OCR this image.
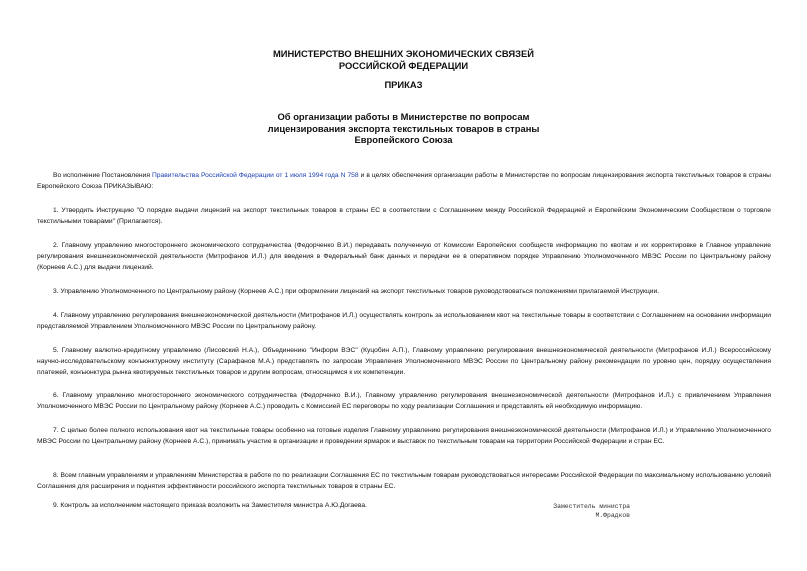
МИНИСТЕРСТВО ВНЕШНИХ ЭКОНОМИЧЕСКИХ СВЯЗЕЙ
РОССИЙСКОЙ ФЕДЕРАЦИИ
ПРИКАЗ
Об организации работы в Министерстве по вопросам
лицензирования экспорта текстильных товаров в страны
Европейского Союза

Во исполнение Постановления Правительства Российской Федерации от 1 июля 1994 года N 758 и в целях обеспечения организации работы в Министерстве по вопросам лицензирования экспорта текстильных товаров в страны Европейского Союза ПРИКАЗЫВАЮ:

1. Утвердить Инструкцию "О порядке выдачи лицензий на экспорт текстильных товаров в страны ЕС в соответствии с Соглашением между Российской Федерацией и Европейским Экономическим Сообществом о торговле текстильными товарами" (Прилагается).

2. Главному управлению многостороннего экономического сотрудничества (Федорченко В.И.) передавать полученную от Комиссии Европейских сообществ информацию по квотам и их корректировке в Главное управление регулирования внешнеэкономической деятельности (Митрофанов И.Л.) для введения в Федеральный банк данных и передачи ее в оперативном порядке Управлению Уполномоченного МВЭС России по Центральному району (Корнеев А.С.) для выдачи лицензий.

3. Управлению Уполномоченного по Центральному району (Корнеев А.С.) при оформлении лицензий на экспорт текстильных товаров руководствоваться положениями прилагаемой Инструкции.

4. Главному управлению регулирования внешнеэкономической деятельности (Митрофанов И.Л.) осуществлять контроль за использованием квот на текстильные товары в соответствии с Соглашением на основании информации представляемой Управлением Уполномоченного МВЭС России по Центральному району.

5. Главному валютно-кредитному управлению (Лисовский Н.А.), Объединению "Информ ВЭС" (Куцобин А.П.), Главному управлению регулирования внешнеэкономической деятельности (Митрофанов И.Л.) Всероссийскому научно-исследовательскому конъюнктурному институту (Сарафанов М.А.) представлять по запросам Управления Уполномоченного МВЭС России по Центральному району рекомендации по уровню цен, порядку осуществления платежей, конъюнктура рынка квотируемых текстильных товаров и другим вопросам, относящимся к их компетенции.

6. Главному управлению многостороннего экономического сотрудничества (Федорченко В.И.), Главному управлению регулирования внешнеэкономической деятельности (Митрофанов И.Л.) с привлечением Управления Уполномоченного МВЭС России по Центральному району (Корнеев А.С.) проводить с Комиссией ЕС переговоры по ходу реализации Соглашения и представлять ей необходимую информацию.

7. С целью более полного использования квот на текстильные товары особенно на готовые изделия Главному управлению регулирования внешнеэкономической деятельности (Митрофанов И.Л.) и Управлению Уполномоченного МВЭС России по Центральному району (Корнеев А.С.), принимать участие в организации и проведении ярмарок и выставок по текстильным товарам на территории Российской Федерации и стран ЕС.

8. Всем главным управлениям и управлениям Министерства в работе по по реализации Соглашения ЕС по текстильным товарам руководствоваться интересами Российской Федерации по максимальному использованию условий Соглашения для расширения и поднятия эффективности российского экспорта текстильных товаров в страны ЕС.

9. Контроль за исполнением настоящего приказа возложить на Заместителя министра А.Ю.Догаева.	Заместитель министра
М.Фрадков
